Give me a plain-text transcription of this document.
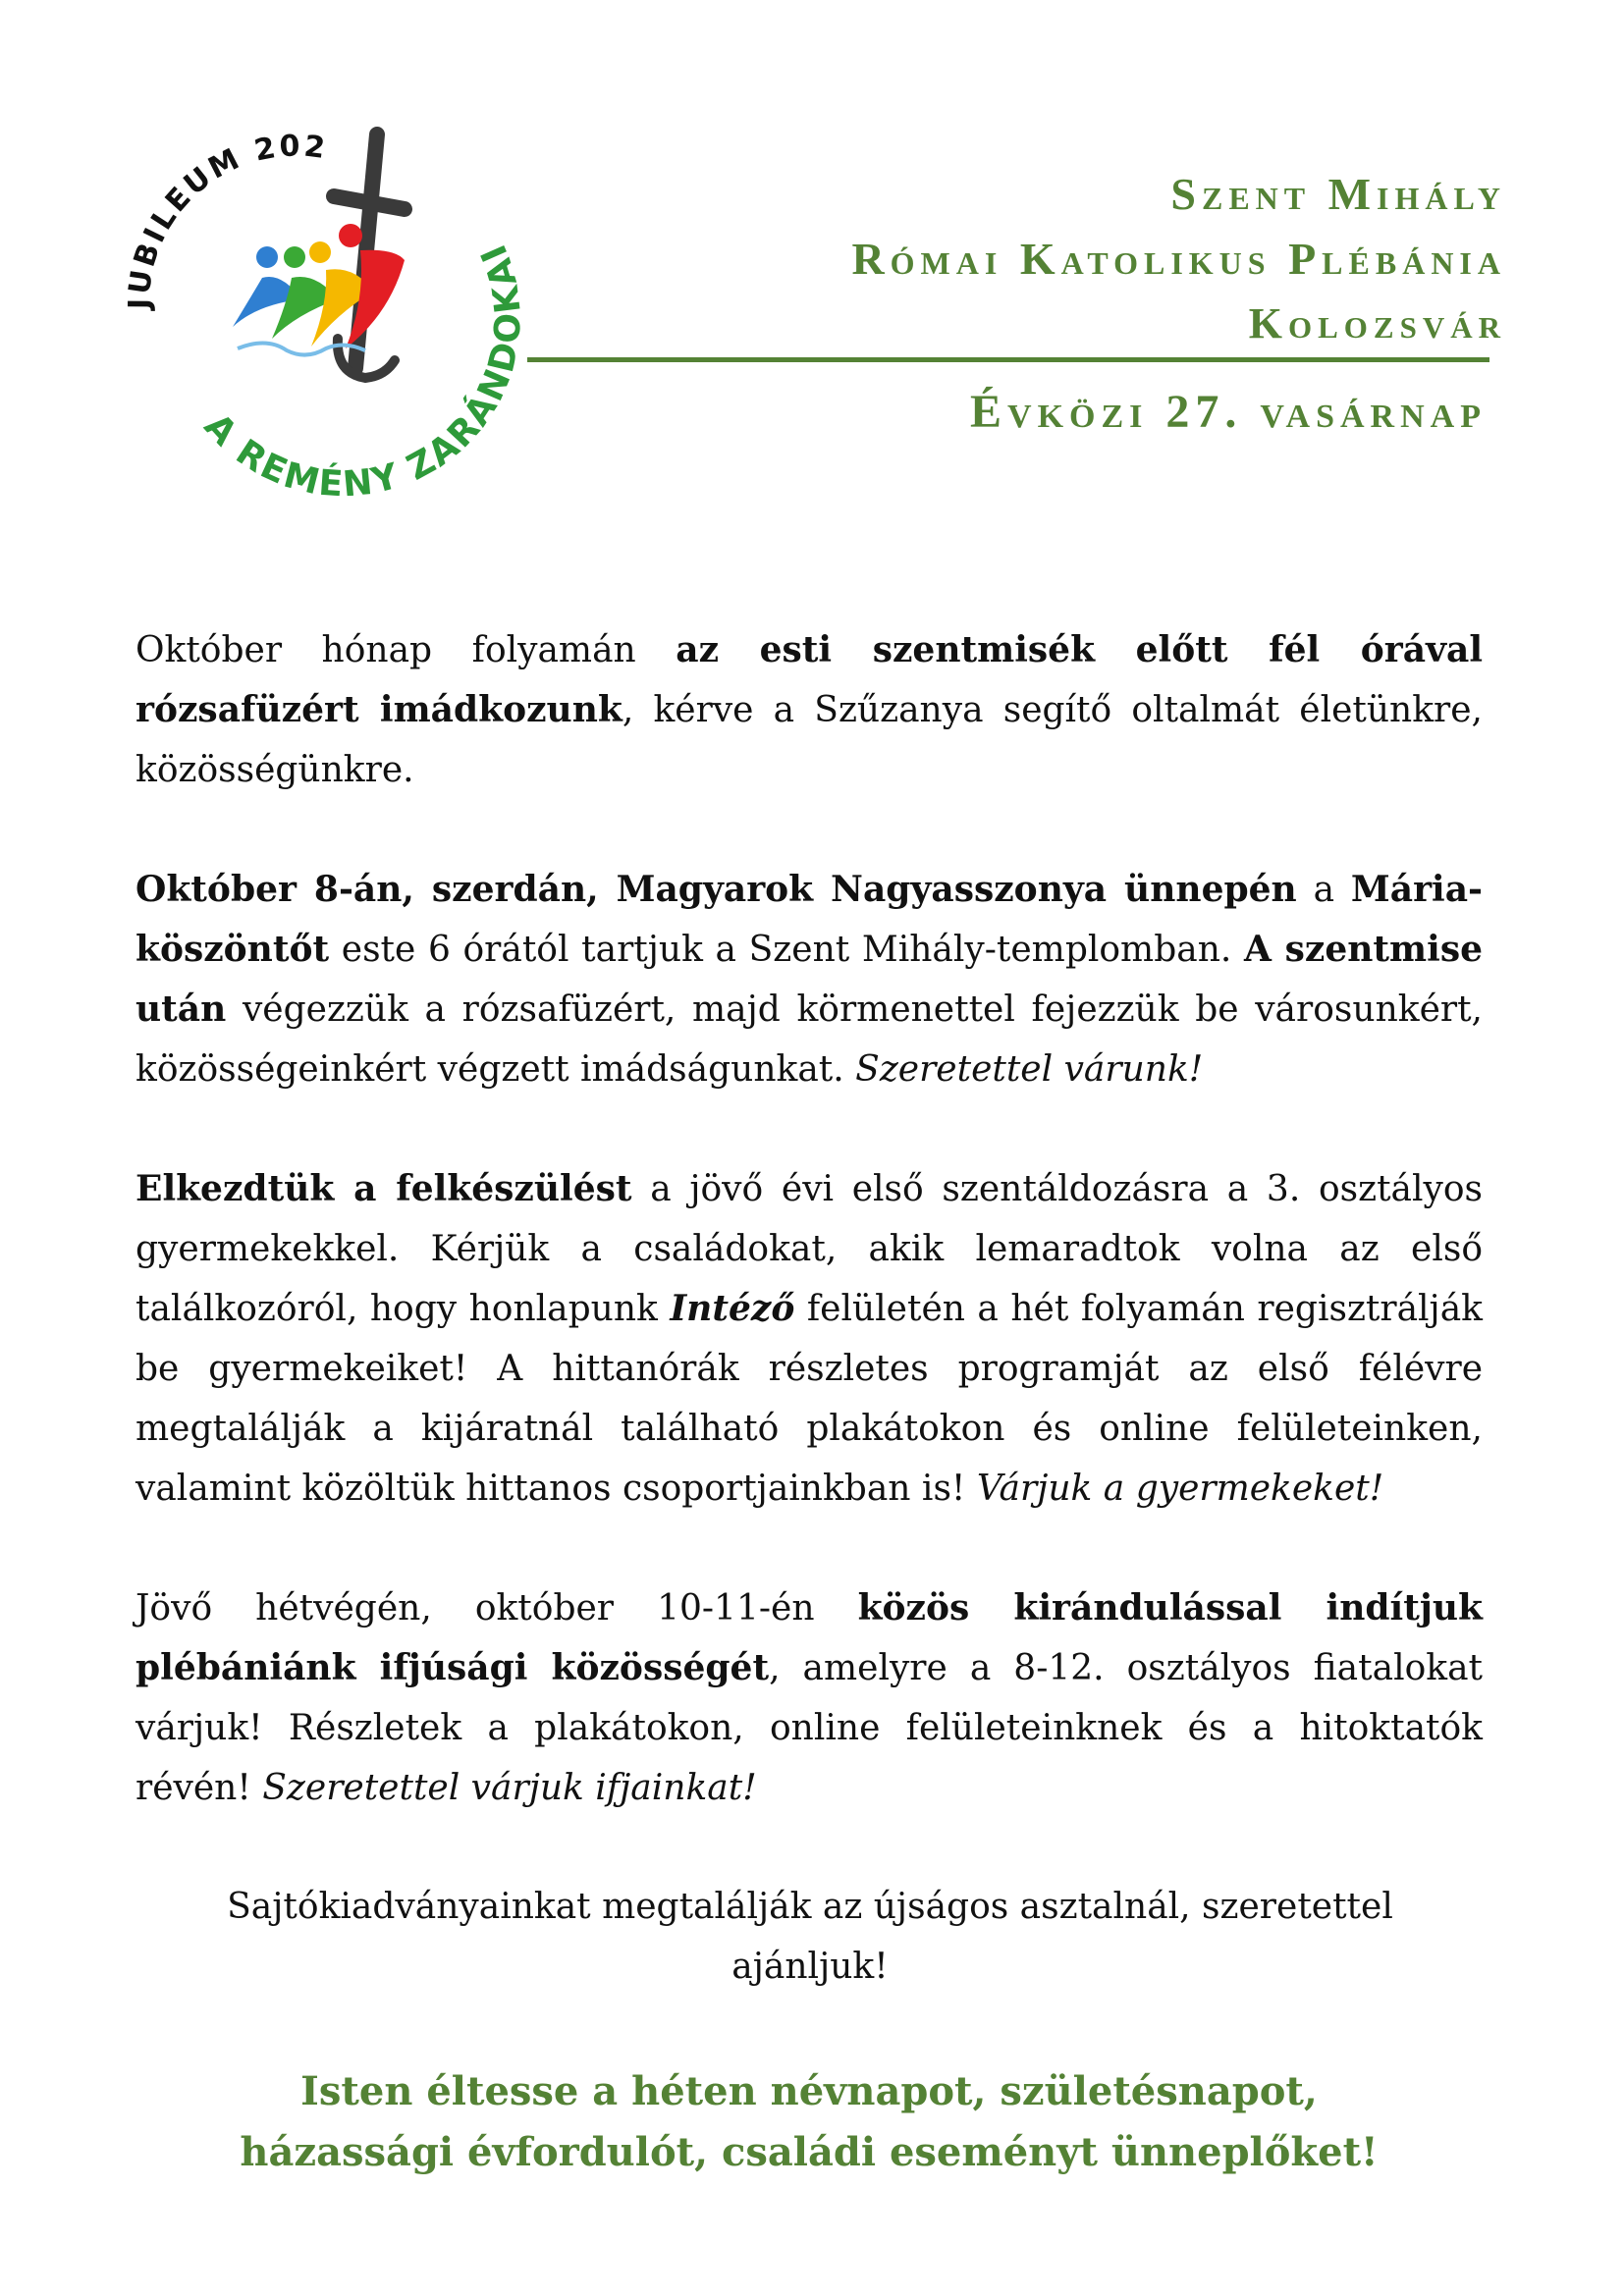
JUBILEUM 202
A REMÉNY ZARÁN AI
Szent Mihály
Római Katolikus Plébánia
Kolozsvár
Évközi 27. vasárnap

Október hónap folyamán az esti szentmisék előtt fél órával rózsafüzért imádkozunk, kérve a Szűzanya segítő oltalmát életünkre, közösségünkre.

Október 8-án, szerdán, Magyarok Nagyasszonya ünnepén a Mária-köszöntőt este 6 órától tartjuk a Szent Mihály-templomban. A szentmise után végezzük a rózsafüzért, majd körmenettel fejezzük be városunkért, közösségeinkért végzett imádságunkat. Szeretettel várunk!

Elkezdtük a felkészülést a jövő évi első szentáldozásra a 3. osztályos gyermekekkel. Kérjük a családokat, akik lemaradtok volna az első találkozóról, hogy honlapunk Intéző felületén a hét folyamán regisztrálják be gyermekeiket! A hittanórák részletes programját az első félévre megtalálják a kijáratnál található plakátokon és online felületeinken, valamint közöltük hittanos csoportjainkban is! Várjuk a gyermekeket!

Jövő hétvégén, október 10-11-én közös kirándulással indítjuk plébániánk ifjúsági közösségét, amelyre a 8-12. osztályos fiatalokat várjuk! Részletek a plakátokon, online felületeinknek és a hitoktatók révén! Szeretettel várjuk ifjainkat!

Sajtókiadványainkat megtalálják az újságos asztalnál, szeretettel ajánljuk!
Isten éltesse a héten névnapot, születésnapot,
házassági évfordulót, családi eseményt ünneplőket!
